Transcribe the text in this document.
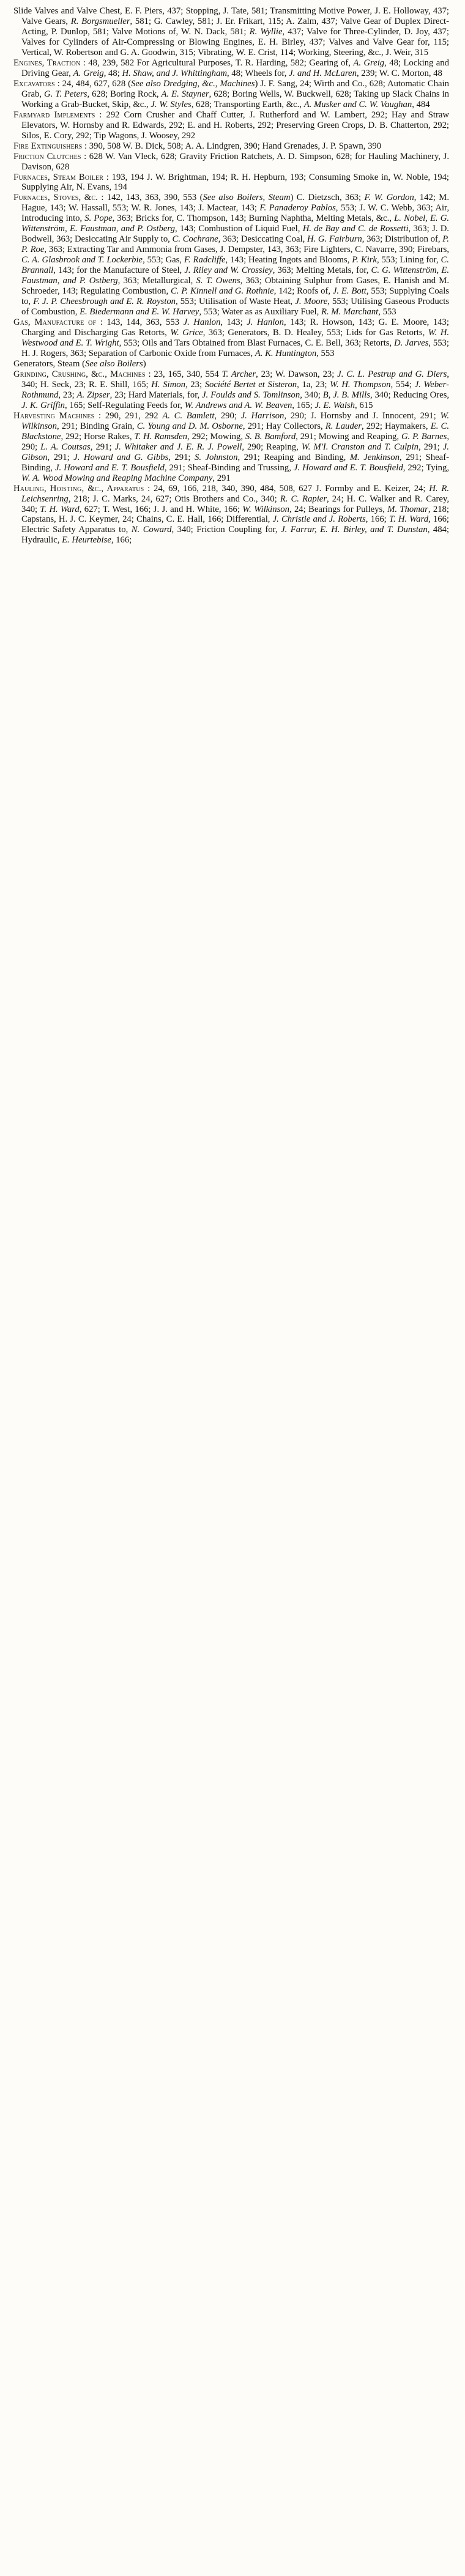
Slide Valves and Valve Chest, E. F. Piers, 437; Stopping, J. Tate, 581; Transmitting Motive Power, J. E. Holloway, 437; Valve Gears, R. Borgsmueller, 581; G. Cawley, 581; J. Er. Frikart, 115; A. Zalm, 437; Valve Gear of Duplex Direct-Acting, P. Dunlop, 581; Valve Motions of, W. N. Dack, 581; R. Wyllie, 437; Valve for Three-Cylinder, D. Joy, 437; Valves for Cylinders of Air-Compressing or Blowing Engines, E. H. Birley, 437; Valves and Valve Gear for, 115; Vertical, W. Robertson and G. A. Goodwin, 315; Vibrating, W. E. Crist, 114; Working, Steering, &c., J. Weir, 315
Engines, Traction : 48, 239, 582 For Agricultural Purposes, T. R. Harding, 582; Gearing of, A. Greig, 48; Locking and Driving Gear, A. Greig, 48; H. Shaw, and J. Whittingham, 48; Wheels for, J. and H. McLaren, 239; W. C. Morton, 48
Excavators : 24, 484, 627, 628 (See also Dredging, &c., Machines) J. F. Sang, 24; Wirth and Co., 628; Automatic Chain Grab, G. T. Peters, 628; Boring Rock, A. E. Stayner, 628; Boring Wells, W. Buckwell, 628; Taking up Slack Chains in Working a Grab-Bucket, Skip, &c., J. W. Styles, 628; Transporting Earth, &c., A. Musker and C. W. Vaughan, 484
Farmyard Implements : 292 Corn Crusher and Chaff Cutter, J. Rutherford and W. Lambert, 292; Hay and Straw Elevators, W. Hornsby and R. Edwards, 292; E. and H. Roberts, 292; Preserving Green Crops, D. B. Chatterton, 292; Silos, E. Cory, 292; Tip Wagons, J. Woosey, 292
Fire Extinguishers : 390, 508 W. B. Dick, 508; A. A. Lindgren, 390; Hand Grenades, J. P. Spawn, 390
Friction Clutches : 628 W. Van Vleck, 628; Gravity Friction Ratchets, A. D. Simpson, 628; for Hauling Machinery, J. Davison, 628
Furnaces, Steam Boiler : 193, 194 J. W. Brightman, 194; R. H. Hepburn, 193; Consuming Smoke in, W. Noble, 194; Supplying Air, N. Evans, 194
Furnaces, Stoves, &c. : 142, 143, 363, 390, 553 (See also Boilers, Steam) C. Dietzsch, 363; F. W. Gordon, 142; M. Hague, 143; W. Hassall, 553; W. R. Jones, 143; J. Mactear, 143; F. Panaderoy Pablos, 553; J. W. C. Webb, 363; Air, Introducing into, S. Pope, 363; Bricks for, C. Thompson, 143; Burning Naphtha, Melting Metals, &c., L. Nobel, E. G. Wittenström, E. Faustman, and P. Ostberg, 143; Combustion of Liquid Fuel, H. de Bay and C. de Rossetti, 363; J. D. Bodwell, 363; Desiccating Air Supply to, C. Cochrane, 363; Desiccating Coal, H. G. Fairburn, 363; Distribution of, P. P. Roe, 363; Extracting Tar and Ammonia from Gases, J. Dempster, 143, 363; Fire Lighters, C. Navarre, 390; Firebars, C. A. Glasbrook and T. Lockerbie, 553; Gas, F. Radcliffe, 143; Heating Ingots and Blooms, P. Kirk, 553; Lining for, C. Brannall, 143; for the Manufacture of Steel, J. Riley and W. Crossley, 363; Melting Metals, for, C. G. Wittenström, E. Faustman, and P. Ostberg, 363; Metallurgical, S. T. Owens, 363; Obtaining Sulphur from Gases, E. Hanish and M. Schroeder, 143; Regulating Combustion, C. P. Kinnell and G. Rothnie, 142; Roofs of, J. E. Bott, 553; Supplying Coals to, F. J. P. Cheesbrough and E. R. Royston, 553; Utilisation of Waste Heat, J. Moore, 553; Utilising Gaseous Products of Combustion, E. Biedermann and E. W. Harvey, 553; Water as as Auxiliary Fuel, R. M. Marchant, 553
Gas, Manufacture of : 143, 144, 363, 553 J. Hanlon, 143; J. Hanlon, 143; R. Howson, 143; G. E. Moore, 143; Charging and Discharging Gas Retorts, W. Grice, 363; Generators, B. D. Healey, 553; Lids for Gas Retorts, W. H. Westwood and E. T. Wright, 553; Oils and Tars Obtained from Blast Furnaces, C. E. Bell, 363; Retorts, D. Jarves, 553; H. J. Rogers, 363; Separation of Carbonic Oxide from Furnaces, A. K. Huntington, 553
Generators, Steam (See also Boilers)
Grinding, Crushing, &c., Machines : 23, 165, 340, 554 T. Archer, 23; W. Dawson, 23; J. C. L. Pestrup and G. Diers, 340; H. Seck, 23; R. E. Shill, 165; H. Simon, 23; Société Bertet et Sisteron, 1a, 23; W. H. Thompson, 554; J. Weber-Rothmund, 23; A. Zipser, 23; Hard Materials, for, J. Foulds and S. Tomlinson, 340; B, J. B. Mills, 340; Reducing Ores, J. K. Griffin, 165; Self-Regulating Feeds for, W. Andrews and A. W. Beaven, 165; J. E. Walsh, 615
Harvesting Machines : 290, 291, 292 A. C. Bamlett, 290; J. Harrison, 290; J. Hornsby and J. Innocent, 291; W. Wilkinson, 291; Binding Grain, C. Young and D. M. Osborne, 291; Hay Collectors, R. Lauder, 292; Haymakers, E. C. Blackstone, 292; Horse Rakes, T. H. Ramsden, 292; Mowing, S. B. Bamford, 291; Mowing and Reaping, G. P. Barnes, 290; L. A. Coutsas, 291; J. Whitaker and J. E. R. J. Powell, 290; Reaping, W. M'I. Cranston and T. Culpin, 291; J. Gibson, 291; J. Howard and G. Gibbs, 291; S. Johnston, 291; Reaping and Binding, M. Jenkinson, 291; Sheaf-Binding, J. Howard and E. T. Bousfield, 291; Sheaf-Binding and Trussing, J. Howard and E. T. Bousfield, 292; Tying, W. A. Wood Mowing and Reaping Machine Company, 291
Hauling, Hoisting, &c., Apparatus : 24, 69, 166, 218, 340, 390, 484, 508, 627 J. Formby and E. Keizer, 24; H. R. Leichsenring, 218; J. C. Marks, 24, 627; Otis Brothers and Co., 340; R. C. Rapier, 24; H. C. Walker and R. Carey, 340; T. H. Ward, 627; T. West, 166; J. J. and H. White, 166; W. Wilkinson, 24; Bearings for Pulleys, M. Thomar, 218; Capstans, H. J. C. Keymer, 24; Chains, C. E. Hall, 166; Differential, J. Christie and J. Roberts, 166; T. H. Ward, 166; Electric Safety Apparatus to, N. Coward, 340; Friction Coupling for, J. Farrar, E. H. Birley, and T. Dunstan, 484; Hydraulic, E. Heurtebise, 166;
